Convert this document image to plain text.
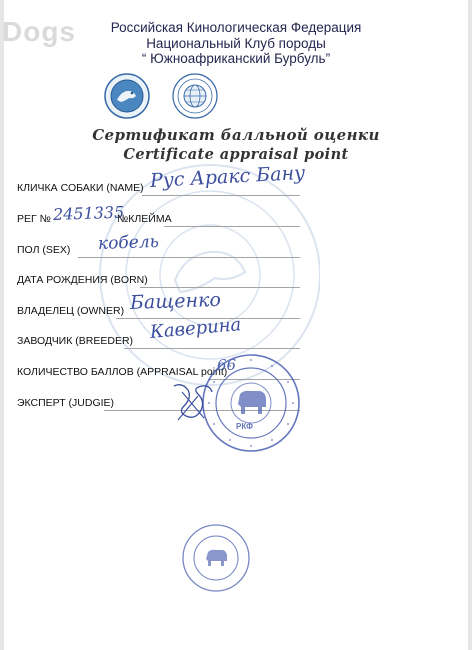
Dogs	Российская Кинологическая Федерация
Национальный Клуб породы
“ Южноафриканский Бурбуль”
Сертификат балльной оценки
Certificate appraisal point
КЛИЧКА СОБАКИ (NAME) Рус Аракс Бану
РЕГ № 2451335
№КЛЕЙМА
ПОЛ (SEX) кобель
ДАТА РОЖДЕНИЯ (BORN)
ВЛАДЕЛЕЦ (OWNER) Бащенко
ЗАВОДЧИК (BREEDER) Каверина
КОЛИЧЕСТВО БАЛЛОВ (APPRAISAL point)
ЭКСПЕРТ (JUDGIE)
66
РКФ
